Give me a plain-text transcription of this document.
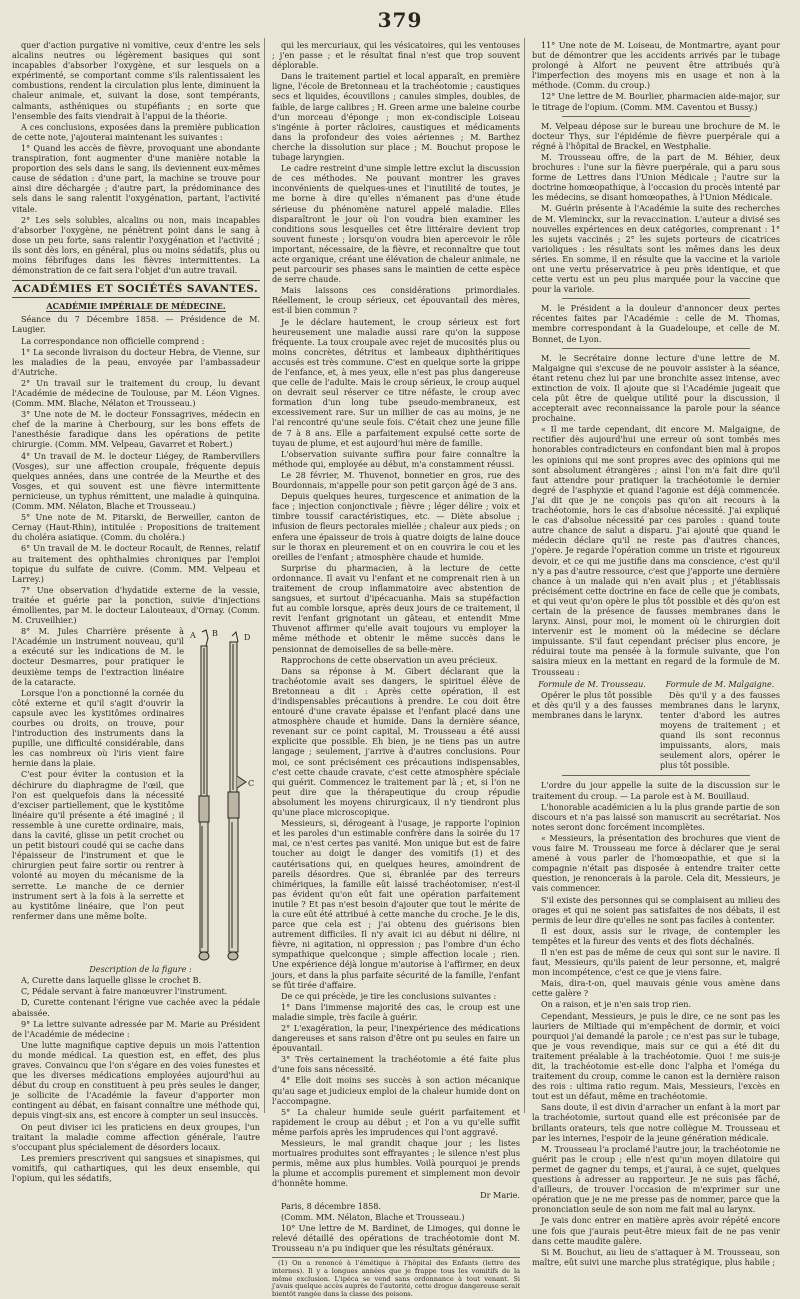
379

quer d'action purgative ni vomitive, ceux d'entre les sels alcalins neutres ou légèrement basiques qui sont incapables d'absorber l'oxygène, et sur lesquels on a expérimenté, se comportant comme s'ils ralentissaient les combustions, rendent la circulation plus lente, diminuent la chaleur animale, et, suivant la dose, sont tempérants, calmants, asthéniques ou stupéfiants ; en sorte que l'ensemble des faits viendrait à l'appui de la théorie.

A ces conclusions, exposées dans la première publication de cette note, j'ajouterai maintenant les suivantes :

1° Quand les accès de fièvre, provoquant une abondante transpiration, font augmenter d'une manière notable la proportion des sels dans le sang, ils deviennent eux-mêmes cause de sédation : d'une part, la machine se trouve pour ainsi dire déchargée ; d'autre part, la prédominance des sels dans le sang ralentit l'oxygénation, partant, l'activité vitale.

2° Les sels solubles, alcalins ou non, mais incapables d'absorber l'oxygène, ne pénètrent point dans le sang à dose un peu forte, sans ralentir l'oxygénation et l'activité ; ils sont dès lors, en général, plus ou moins sédatifs, plus ou moins fébrifuges dans les fièvres intermittentes. La démonstration de ce fait sera l'objet d'un autre travail.

ACADÉMIES ET SOCIÉTÉS SAVANTES.
ACADÉMIE IMPÉRIALE DE MÉDECINE.

Séance du 7 Décembre 1858. — Présidence de M. Laugier.

La correspondance non officielle comprend :

1° La seconde livraison du docteur Hebra, de Vienne, sur les maladies de la peau, envoyée par l'ambassadeur d'Autriche.

2° Un travail sur le traitement du croup, lu devant l'Académie de médecine de Toulouse, par M. Léon Vignes. (Comm. MM. Blache, Nélaton et Trousseau.)

3° Une note de M. le docteur Fonssagrives, médecin en chef de la marine à Cherbourg, sur les bons effets de l'anesthésie faradique dans les opérations de petite chirurgie. (Comm. MM. Velpeau, Gavarret et Robert.)

4° Un travail de M. le docteur Liégey, de Rambervillers (Vosges), sur une affection croupale, fréquente depuis quelques années, dans une contrée de la Meurthe et des Vosges, et qui souvent est une fièvre intermittente pernicieuse, un typhus rémittent, une maladie à quinquina. (Comm. MM. Nélaton, Blache et Trousseau.)

5° Une note de M. Pitarski, de Berweiller, canton de Cernay (Haut-Rhin), intitulée : Propositions de traitement du choléra asiatique. (Comm. du choléra.)

6° Un travail de M. le docteur Rocault, de Rennes, relatif au traitement des ophthalmies chroniques par l'emploi topique du sulfate de cuivre. (Comm. MM. Velpeau et Larrey.)

7° Une observation d'hydatide externe de la vessie, traitée et guérie par la ponction, suivie d'injections émollientes, par M. le docteur Lalouteaux, d'Ornay. (Comm. M. Cruveilhier.)

8° M. Jules Charrière présente à l'Académie un instrument nouveau, qu'il a exécuté sur les indications de M. le docteur Desmarres, pour pratiquer le deuxième temps de l'extraction linéaire de la cataracte.

Lorsque l'on a ponctionné la cornée du côté externe et qu'il s'agit d'ouvrir la capsule avec les kystitômes ordinaires courbes ou droits, on trouve, pour l'introduction des instruments dans la pupille, une difficulté considérable, dans les cas nombreux où l'iris vient faire hernie dans la plaie.

C'est pour éviter la contusion et la déchirure du diaphragme de l'œil, que l'on est quelquefois dans la nécessité d'exciser partiellement, que le kystitôme linéaire qu'il présente a été imaginé ; il ressemble à une curette ordinaire, mais, dans la cavité, glisse un petit crochet ou un petit bistouri coudé qui se cache dans l'épaisseur de l'instrument et que le chirurgien peut faire sortir ou rentrer à volonté au moyen du mécanisme de la serrette. Le manche de ce dernier instrument sert à la fois à la serrette et au kystitôme linéaire, que l'on peut renfermer dans une même boîte.

A B
C
D

Description de la figure :

A, Curette dans laquelle glisse le crochet B.

C, Pédale servant à faire manœuvrer l'instrument.

D, Curette contenant l'érigne vue cachée avec la pédale abaissée.

9° La lettre suivante adressée par M. Marie au Président de l'Académie de médecine :

Une lutte magnifique captive depuis un mois l'attention du monde médical. La question est, en effet, des plus graves. Convaincu que l'on s'égare en des voies funestes et que les diverses médications employées aujourd'hui au début du croup en constituent à peu près seules le danger, je sollicite de l'Académie la faveur d'apporter mon contingent au débat, en faisant connaître une méthode qui, depuis vingt-six ans, est encore à compter un seul insuccès.

On peut diviser ici les praticiens en deux groupes, l'un traitant la maladie comme affection générale, l'autre s'occupant plus spécialement de désorders locaux.

Les premiers prescrivent qui sangsues et sinapismes, qui vomitifs, qui cathartiques, qui les deux ensemble, qui l'opium, qui les sédatifs,

qui les mercuriaux, qui les vésicatoires, qui les ventouses ; j'en passe ; et le résultat final n'est que trop souvent déplorable.

Dans le traitement partiel et local apparaît, en première ligne, l'école de Bretonneau et la trachéotomie ; caustiques secs et liquides, écouvillons ; canules simples, doubles, de faible, de large calibres ; H. Green arme une baleine courbe d'un morceau d'éponge ; mon ex-condisciple Loiseau s'ingénie à porter râcloires, caustiques et médicaments dans la profondeur des voies aériennes ; M. Barthez cherche la dissolution sur place ; M. Bouchut propose le tubage laryngien.

Le cadre restreint d'une simple lettre exclut la discussion de ces méthodes. Ne pouvant montrer les graves inconvénients de quelques-unes et l'inutilité de toutes, je me borne à dire qu'elles n'émanent pas d'une étude sérieuse du phénomène naturel appelé maladie. Elles disparaîtront le jour où l'on voudra bien examiner les conditions sous lesquelles cet être littéraire devient trop souvent funeste ; lorsqu'on voudra bien apercevoir le rôle important, nécessaire, de la fièvre, et reconnaître que tout acte organique, créant une élévation de chaleur animale, ne peut parcourir ses phases sans le maintien de cette espèce de serre chaude.

Mais laissons ces considérations primordiales. Réellement, le croup sérieux, cet épouvantail des mères, est-il bien commun ?

Je le déclare hautement, le croup sérieux est fort heureusement une maladie aussi rare qu'on la suppose fréquente. La toux croupale avec rejet de mucosités plus ou moins concrètes, détritus et lambeaux diphthéritiques accusés est très commune. C'est en quelque sorte la grippe de l'enfance, et, à mes yeux, elle n'est pas plus dangereuse que celle de l'adulte. Mais le croup sérieux, le croup auquel on devrait seul réserver ce titre néfaste, le croup avec formation d'un long tube pseudo-membraneux, est excessivement rare. Sur un millier de cas au moins, je ne l'ai rencontré qu'une seule fois. C'était chez une jeune fille de 7 à 8 ans. Elle a parfaitement expulsé cette sorte de tuyau de plume, et est aujourd'hui mère de famille.

L'observation suivante suffira pour faire connaître la méthode qui, employée au début, m'a constamment réussi.

Le 28 février, M. Thuvenot, bonnetier en gros, rue des Bourdonnais, m'appelle pour son petit garçon âgé de 3 ans.

Depuis quelques heures, turgescence et animation de la face ; injection conjonctivale ; fièvre ; léger délire ; voix et timbre toussif caractéristiques, etc. — Diète absolue ; infusion de fleurs pectorales miellée ; chaleur aux pieds ; on enfera une épaisseur de trois à quatre doigts de laine douce sur le thorax en pleurement et on en couvrira le cou et les oreilles de l'enfant ; atmosphère chaude et humide.

Surprise du pharmacien, à la lecture de cette ordonnance. Il avait vu l'enfant et ne comprenait rien à un traitement de croup inflammatoire avec abstention de sangsues, et surtout d'ipécacuanha. Mais sa stupéfaction fut au comble lorsque, après deux jours de ce traitement, il revit l'enfant grignotant un gâteau, et entendit Mme Thuvenot affirmer qu'elle avait toujours vu employer la même méthode et obtenir le même succès dans le pensionnat de demoiselles de sa belle-mère.

Rapprochons de cette observation un aveu précieux.

Dans sa réponse à M. Gibert déclarant que la trachéotomie avait ses dangers, le spirituel élève de Bretonneau a dit : Après cette opération, il est d'indispensables précautions à prendre. Le cou doit être entouré d'une cravate épaisse et l'enfant placé dans une atmosphère chaude et humide. Dans la dernière séance, revenant sur ce point capital, M. Trousseau a été aussi explicite que possible. Eh bien, je ne tiens pas un autre langage ; seulement, j'arrive à d'autres conclusions. Pour moi, ce sont précisément ces précautions indispensables, c'est cette chaude cravate, c'est cette atmosphère spéciale qui guérit. Commencez le traitement par là ; et, si l'on ne peut dire que la thérapeutique du croup répudie absolument les moyens chirurgicaux, il n'y tiendront plus qu'une place microscopique.

Messieurs, si, dérogeant à l'usage, je rapporte l'opinion et les paroles d'un estimable confrère dans la soirée du 17 mai, ce n'est certes pas vanité. Mon unique but est de faire toucher au doigt le danger des vomitifs (1) et des cautérisations qui, en quelques heures, amoindrent de pareils désordres. Que si, ébranlée par des terreurs chimériques, la famille eût laissé trachéotomiser, n'est-il pas évident qu'on eût fait une opération parfaitement inutile ? Et pas n'est besoin d'ajouter que tout le mérite de la cure eût été attribué à cette manche du croche. Je le dis, parce que cela est ; j'ai obtenu des guérisons bien autrement difficiles. Il n'y avait ici au début ni délire, ni fièvre, ni agitation, ni oppression ; pas l'ombre d'un écho sympathique quelconque ; simple affection locale ; rien. Une expérience déjà longue m'autorise à l'affirmer, en deux jours, et dans la plus parfaite sécurité de la famille, l'enfant se fût tirée d'affaire.

De ce qui précède, je tire les conclusions suivantes :

1° Dans l'immense majorité des cas, le croup est une maladie simple, très facile à guérir.

2° L'exagération, la peur, l'inexpérience des médications dangereuses et sans raison d'être ont pu seules en faire un épouvantail.

3° Très certainement la trachéotomie a été faite plus d'une fois sans nécessité.

4° Elle doit moins ses succès à son action mécanique qu'au sage et judicieux emploi de la chaleur humide dont on l'accompagne.

5° La chaleur humide seule guérit parfaitement et rapidement le croup au début ; et l'on a vu qu'elle suffit même parfois après les imprudences qui l'ont aggravé.

Messieurs, le mal grandit chaque jour ; les listes mortuaires produites sont effrayantes ; le silence n'est plus permis, même aux plus humbles. Voilà pourquoi je prends la plume et accomplis purement et simplement mon devoir d'honnête homme.

Dr Marie.

Paris, 8 décembre 1858.

(Comm. MM. Nélaton, Blache et Trousseau.)

10° Une lettre de M. Bardinet, de Limoges, qui donne le relevé détaillé des opérations de trachéotomie dont M. Trousseau n'a pu indiquer que les résultats généraux.

(1) On a renoncé à l'émétique à l'hôpital des Enfants (lettre des internes). Il y a longues années que je frappe tous les vomitifs de la même exclusion. L'ipéca se vend sans ordonnance à tout venant. Si j'avais quelque accès auprès de l'autorité, cette drogue dangereuse serait bientôt rangée dans la classe des poisons.

11° Une note de M. Loiseau, de Montmartre, ayant pour but de démontrer que les accidents arrivés par le tubage prolongé à Alfort ne peuvent être attribués qu'à l'imperfection des moyens mis en usage et non à la méthode. (Comm. du croup.)

12° Une lettre de M. Bourlier, pharmacien aide-major, sur le titrage de l'opium. (Comm. MM. Caventou et Bussy.)

M. Velpeau dépose sur le bureau une brochure de M. le docteur Thys, sur l'épidémie de fièvre puerpérale qui a régné à l'hôpital de Brackel, en Westphalie.

M. Trousseau offre, de la part de M. Béhier, deux brochures : l'une sur la fièvre puerpérale, qui a paru sous forme de Lettres dans l'Union Médicale ; l'autre sur la doctrine homœopathique, à l'occasion du procès intenté par les médecins, se disant homœopathes, à l'Union Médicale.

M. Guérin présente à l'Académie la suite des recherches de M. Vleminckx, sur la revaccination. L'auteur a divisé ses nouvelles expériences en deux catégories, comprenant : 1° les sujets vaccinés ; 2° les sujets porteurs de cicatrices varioliques : les résultats sont les mêmes dans les deux séries. En somme, il en résulte que la vaccine et la variole ont une vertu préservatrice à peu près identique, et que cette vertu est un peu plus marquée pour la vaccine que pour la variole.

M. le Président a la douleur d'annoncer deux pertes récentes faites par l'Académie : celle de M. Thomas, membre correspondant à la Guadeloupe, et celle de M. Bonnet, de Lyon.

M. le Secrétaire donne lecture d'une lettre de M. Malgaigne qui s'excuse de ne pouvoir assister à la séance, étant retenu chez lui par une bronchite assez intense, avec extinction de voix. Il ajoute que si l'Académie jugeait que cela pût être de quelque utilité pour la discussion, il accepterait avec reconnaissance la parole pour la séance prochaine.

« Il me tarde cependant, dit encore M. Malgaigne, de rectifier dès aujourd'hui une erreur où sont tombés mes honorables contradicteurs en confondant bien mal à propos les opinions qui me sont propres avec des opinions qui me sont absolument étrangères ; ainsi l'on m'a fait dire qu'il faut attendre pour pratiquer la trachéotomie le dernier degré de l'asphyxie et quand l'agonie est déjà commencée. J'ai dit que je ne conçois pas qu'on ait recours à la trachéotomie, hors le cas d'absolue nécessité. J'ai expliqué le cas d'absolue nécessité par ces paroles : quand toute autre chance de salut a disparu. J'ai ajouté que quand le médecin déclare qu'il ne reste pas d'autres chances, j'opère. Je regarde l'opération comme un triste et rigoureux devoir, et ce qui me justifie dans ma conscience, c'est qu'il n'y a pas d'autre ressource, c'est que j'apporte une dernière chance à un malade qui n'en avait plus ; et j'établissais précisément cette doctrine en face de celle que je combats, et qui veut qu'on opère le plus tôt possible et dès qu'on est certain de la présence de fausses membranes dans le larynx. Ainsi, pour moi, le moment où le chirurgien doit intervenir est le moment où la médecine se déclare impuissante. S'il faut cependant préciser plus encore, je réduirai toute ma pensée à la formule suivante, que l'on saisira mieux en la mettant en regard de la formule de M. Trousseau :

Formule de M. Trousseau.

Opérer le plus tôt possible et dès qu'il y a des fausses membranes dans le larynx.

Formule de M. Malgaigne.

Dès qu'il y a des fausses membranes dans le larynx, tenter d'abord les autres moyens de traitement ; et quand ils sont reconnus impuissants, alors, mais seulement alors, opérer le plus tôt possible.

L'ordre du jour appelle la suite de la discussion sur le traitement du croup. — La parole est à M. Bouillaud.

L'honorable académicien a lu la plus grande partie de son discours et n'a pas laissé son manuscrit au secrétariat. Nos notes seront donc forcément incomplètes.

« Messieurs, la présentation des brochures que vient de vous faire M. Trousseau me force à déclarer que je serai amené à vous parler de l'homœopathie, et que si la compagnie n'était pas disposée à entendre traiter cette question, je renoncerais à la parole. Cela dit, Messieurs, je vais commencer.

S'il existe des personnes qui se complaisent au milieu des orages et qui ne soient pas satisfaites de nos débats, il est permis de leur dire qu'elles ne sont pas faciles à contenter.

Il est doux, assis sur le rivage, de contempler les tempêtes et la fureur des vents et des flots déchaînés.

Il n'en est pas de même de ceux qui sont sur le navire. Il faut, Messieurs, qu'ils paient de leur personne, et, malgré mon incompétence, c'est ce que je viens faire.

Mais, dira-t-on, quel mauvais génie vous amène dans cette galère ?

On a raison, et je n'en sais trop rien.

Cependant, Messieurs, je puis le dire, ce ne sont pas les lauriers de Miltiade qui m'empêchent de dormir, et voici pourquoi j'ai demandé la parole ; ce n'est pas sur le tubage, que je vous revendique, mais sur ce qui a été dit du traitement préalable à la trachéotomie. Quoi ! me suis-je dit, la trachéotomie est-elle donc l'alpha et l'oméga du traitement du croup, comme le canon est la dernière raison des rois : ultima ratio regum. Mais, Messieurs, l'excès en tout est un défaut, même en trachéotomie.

Sans doute, il est divin d'arracher un enfant à la mort par la trachéotomie, surtout quand elle est préconisée par de brillants orateurs, tels que notre collègue M. Trousseau et par les internes, l'espoir de la jeune génération médicale.

M. Trousseau l'a proclamé l'autre jour, la trachéotomie ne guérit pas le croup ; elle n'est qu'un moyen dilatoire qui permet de gagner du temps, et j'aurai, à ce sujet, quelques questions à adresser au rapporteur. Je ne suis pas fâché, d'ailleurs, de trouver l'occasion de m'exprimer sur une opération que je ne me presse pas de nommer, parce que la prononciation seule de son nom me fait mal au larynx.

Je vais donc entrer en matière après avoir répété encore une fois que j'aurais peut-être mieux fait de ne pas venir dans cette maudite galère.

Si M. Bouchut, au lieu de s'attaquer à M. Trousseau, son maître, eût suivi une marche plus stratégique, plus habile ;
